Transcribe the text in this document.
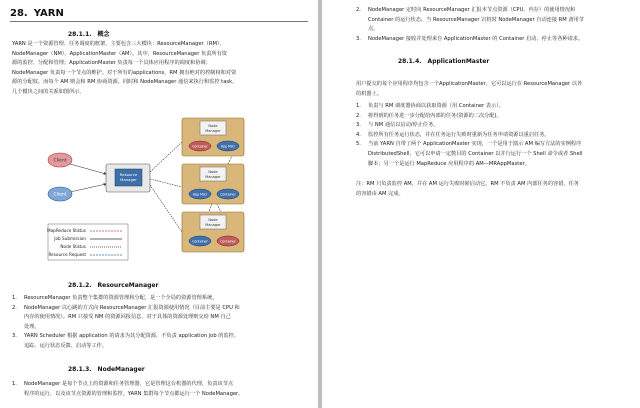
28. YARN
28.1.1. 概念
YARN 是一个资源管理、任务调度的框架，主要包含三大模块：ResourceManager（RM）、
NodeManager（NM）、ApplicationMaster（AM）。其中，ResourceManager 负责所有资
源的监控、分配和管理；ApplicationMaster 负责每一个具体应用程序的调度和协调；
NodeManager 负责每一个节点的维护。对于所有的applications，RM 拥有绝对的控制权和对资
源的分配权。而每个 AM 则会和 RM 协商资源，同时和 NodeManager 通信来执行和监控 task。
几个模块之间的关系如图所示。
Client
Client
Resource
Manager
Node
Manager
Container	App Mstr
Node
Manager
App Mstr	Container
Node
Manager
Container	Container
MapReduce Status
Job Submission
Node Status
Resource Request
28.1.2. ResourceManager
1. ResourceManager 负责整个集群的资源管理和分配，是一个全局的资源管理系统。
2. NodeManager 以心跳的方式向 ResourceManager 汇报资源使用情况（目前主要是 CPU 和
内存的使用情况）。RM 只接受 NM 的资源回报信息，对于具体的资源处理则交给 NM 自己
处理。
3. YARN Scheduler 根据 application 的请求为其分配资源，不负责 application job 的监控、
追踪、运行状态反馈、启动等工作。
28.1.3. NodeManager
1. NodeManager 是每个节点上的资源和任务管理器，它是管理这台机器的代理，负责该节点
程序的运行，以及该节点资源的管理和监控。YARN 集群每个节点都运行一个 NodeManager。
2. NodeManager 定时向 ResourceManager 汇报本节点资源（CPU、内存）的使用情况和
Container 的运行状态。当 ResourceManager 宕机时 NodeManager 自动连接 RM 备用节
点。
3. NodeManager 接收并处理来自 ApplicationMaster 的 Container 启动、停止等各种请求。
28.1.4. ApplicationMaster
用户提交的每个应用程序均包含一个ApplicationMaster，它可以运行在 ResourceManager 以外
的机器上。
1. 负责与 RM 调度器协商以获取资源（用 Container 表示）。
2. 将得到的任务进一步分配给内部的任务(资源的二次分配)。
3. 与 NM 通信以启动/停止任务。
4. 监控所有任务运行状态，并在任务运行失败时重新为任务申请资源以重启任务。
5. 当前 YARN 自带了两个 ApplicationMaster 实现，一个是用于演示 AM 编写方法的实例程序
DistributedShell，它可以申请一定数目的 Container 以并行运行一个 Shell 命令或者 Shell
脚本；另一个是运行 MapReduce 应用程序的 AM—MRAppMaster。
注：RM 只负责监控 AM，并在 AM 运行失败时候启动它。RM 不负责 AM 内部任务的容错，任务
的容错由 AM 完成。
